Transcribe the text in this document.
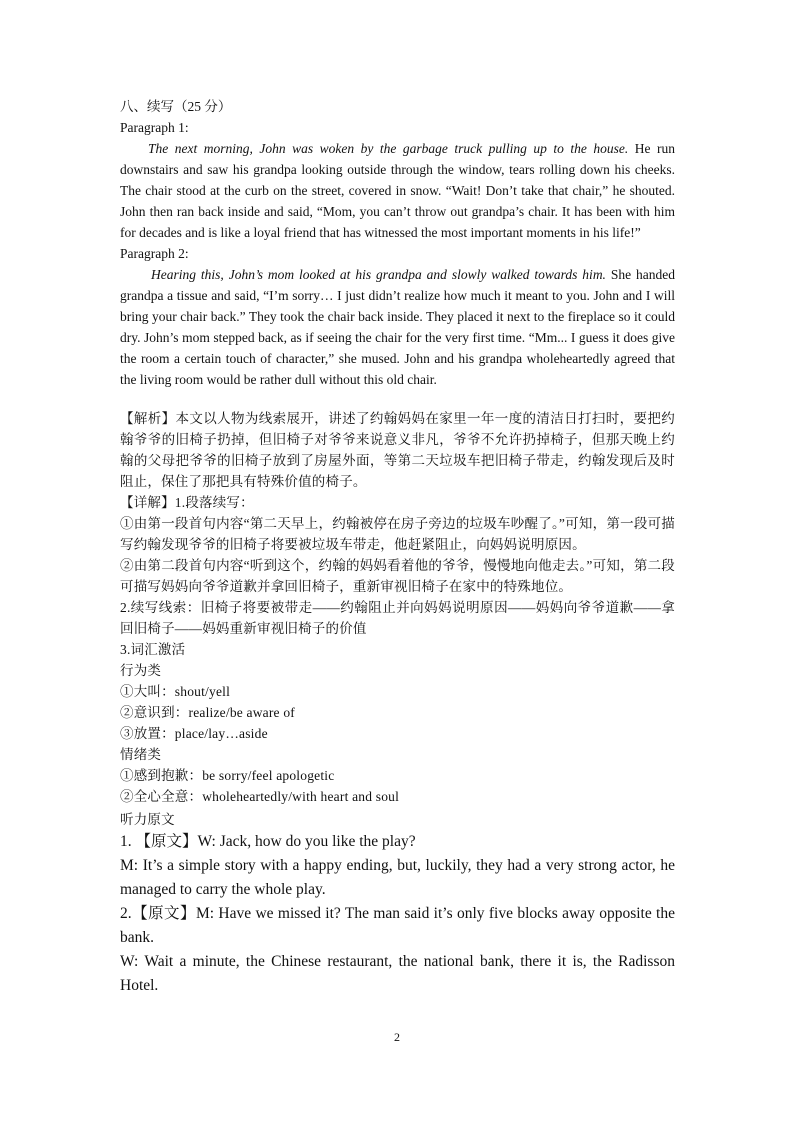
八、续写（25 分）

Paragraph 1:

The next morning, John was woken by the garbage truck pulling up to the house. He run downstairs and saw his grandpa looking outside through the window, tears rolling down his cheeks. The chair stood at the curb on the street, covered in snow. “Wait! Don’t take that chair,” he shouted. John then ran back inside and said, “Mom, you can’t throw out grandpa’s chair. It has been with him for decades and is like a loyal friend that has witnessed the most important moments in his life!”

Paragraph 2:

Hearing this, John’s mom looked at his grandpa and slowly walked towards him. She handed grandpa a tissue and said, “I’m sorry… I just didn’t realize how much it meant to you. John and I will bring your chair back.” They took the chair back inside. They placed it next to the fireplace so it could dry. John’s mom stepped back, as if seeing the chair for the very first time. “Mm... I guess it does give the room a certain touch of character,” she mused. John and his grandpa wholeheartedly agreed that the living room would be rather dull without this old chair.

【解析】本文以人物为线索展开，讲述了约翰妈妈在家里一年一度的清洁日打扫时，要把约翰爷爷的旧椅子扔掉，但旧椅子对爷爷来说意义非凡，爷爷不允许扔掉椅子，但那天晚上约翰的父母把爷爷的旧椅子放到了房屋外面，等第二天垃圾车把旧椅子带走，约翰发现后及时阻止，保住了那把具有特殊价值的椅子。

【详解】1.段落续写：

①由第一段首句内容“第二天早上，约翰被停在房子旁边的垃圾车吵醒了。”可知，第一段可描写约翰发现爷爷的旧椅子将要被垃圾车带走，他赶紧阻止，向妈妈说明原因。

②由第二段首句内容“听到这个，约翰的妈妈看着他的爷爷，慢慢地向他走去。”可知，第二段可描写妈妈向爷爷道歉并拿回旧椅子，重新审视旧椅子在家中的特殊地位。

2.续写线索：旧椅子将要被带走——约翰阻止并向妈妈说明原因——妈妈向爷爷道歉——拿回旧椅子——妈妈重新审视旧椅子的价值

3.词汇激活

行为类

①大叫：shout/yell

②意识到：realize/be aware of

③放置：place/lay…aside

情绪类

①感到抱歉：be sorry/feel apologetic

②全心全意：wholeheartedly/with heart and soul

听力原文

1. 【原文】W: Jack, how do you like the play?

M: It’s a simple story with a happy ending, but, luckily, they had a very strong actor, he managed to carry the whole play.

2.【原文】M: Have we missed it? The man said it’s only five blocks away opposite the bank.

W: Wait a minute, the Chinese restaurant, the national bank, there it is, the Radisson Hotel.

2
